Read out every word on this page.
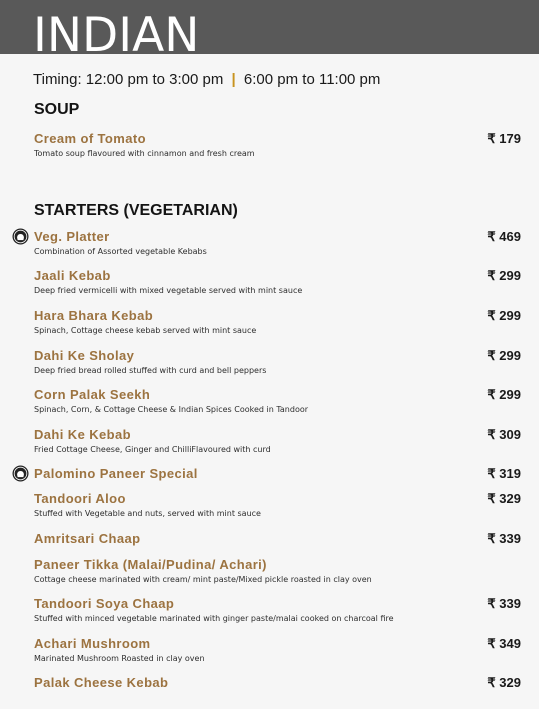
INDIAN
Timing: 12:00 pm to 3:00 pm | 6:00 pm to 11:00 pm
SOUP
Cream of Tomato
Tomato soup flavoured with cinnamon and fresh cream
₹ 179
STARTERS (VEGETARIAN)
Veg. Platter
Combination of Assorted vegetable Kebabs
₹ 469
Jaali Kebab
Deep fried vermicelli with mixed vegetable served with mint sauce
₹ 299
Hara Bhara Kebab
Spinach, Cottage cheese kebab served with mint sauce
₹ 299
Dahi Ke Sholay
Deep fried bread rolled stuffed with curd and bell peppers
₹ 299
Corn Palak Seekh
Spinach, Corn, & Cottage Cheese & Indian Spices Cooked in Tandoor
₹ 299
Dahi Ke Kebab
Fried Cottage Cheese, Ginger and ChilliFlavoured with curd
₹ 309
Palomino Paneer Special	₹ 319
Tandoori Aloo
Stuffed with Vegetable and nuts, served with mint sauce
₹ 329
Amritsari Chaap	₹ 339
Paneer Tikka (Malai/Pudina/ Achari)
Cottage cheese marinated with cream/ mint paste/Mixed pickle roasted in clay oven
Tandoori Soya Chaap
Stuffed with minced vegetable marinated with ginger paste/malai cooked on charcoal fire
₹ 339
Achari Mushroom
Marinated Mushroom Roasted in clay oven
₹ 349
Palak Cheese Kebab	₹ 329
